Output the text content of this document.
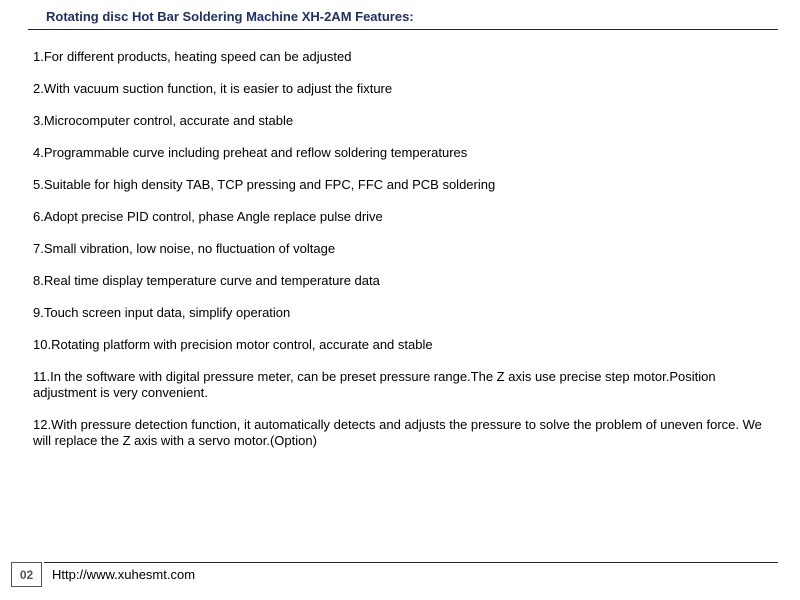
Rotating disc Hot Bar Soldering Machine XH-2AM Features:
1.For different products, heating speed can be adjusted
2.With vacuum suction function, it is easier to adjust the fixture
3.Microcomputer control, accurate and stable
4.Programmable curve including preheat and reflow soldering temperatures
5.Suitable for high density TAB, TCP pressing and FPC, FFC and PCB soldering
6.Adopt precise PID control, phase Angle replace pulse drive
7.Small vibration, low noise, no fluctuation of voltage
8.Real time display temperature curve and temperature data
9.Touch screen input data, simplify operation
10.Rotating platform with precision motor control, accurate and stable
11.In the software with digital pressure meter, can be preset pressure range.The Z axis use precise step motor.Position adjustment is very convenient.
12.With pressure detection function, it automatically detects and adjusts the pressure to solve the problem of uneven force. We will replace the Z axis with a servo motor.(Option)
02	Http://www.xuhesmt.com
